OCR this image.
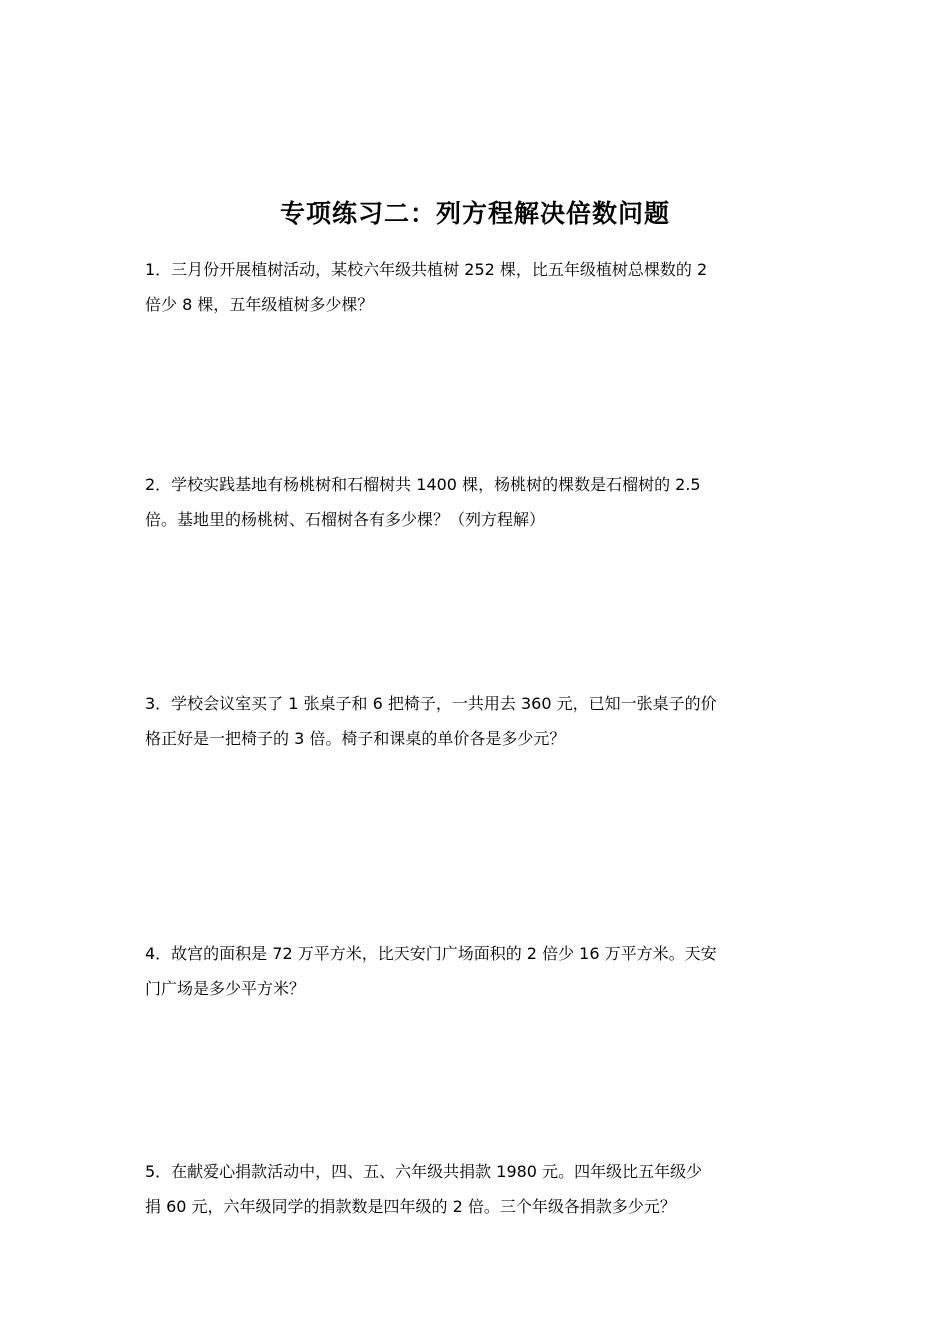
专项练习二：列方程解决倍数问题
1．三月份开展植树活动，某校六年级共植树 252 棵，比五年级植树总棵数的 2
倍少 8 棵，五年级植树多少棵？
2．学校实践基地有杨桃树和石榴树共 1400 棵，杨桃树的棵数是石榴树的 2.5
倍。基地里的杨桃树、石榴树各有多少棵？（列方程解）
3．学校会议室买了 1 张桌子和 6 把椅子，一共用去 360 元，已知一张桌子的价
格正好是一把椅子的 3 倍。椅子和课桌的单价各是多少元？
4．故宫的面积是 72 万平方米，比天安门广场面积的 2 倍少 16 万平方米。天安
门广场是多少平方米？
5．在献爱心捐款活动中，四、五、六年级共捐款 1980 元。四年级比五年级少
捐 60 元，六年级同学的捐款数是四年级的 2 倍。三个年级各捐款多少元？
